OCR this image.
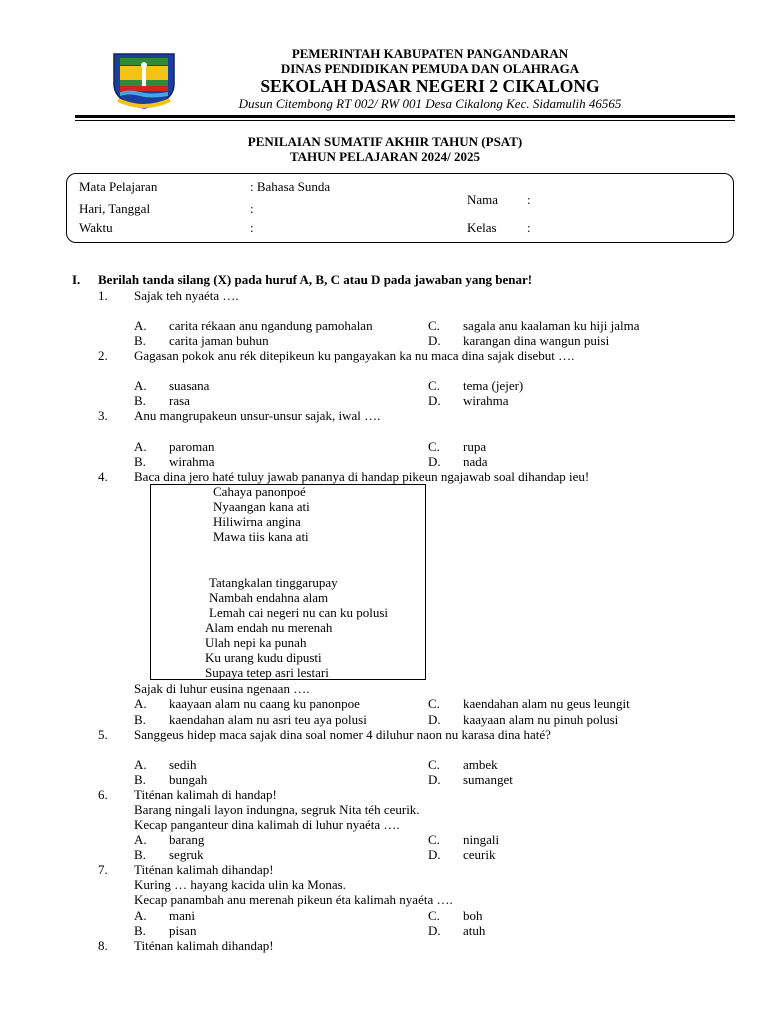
PEMERINTAH KABUPATEN PANGANDARAN
DINAS PENDIDIKAN PEMUDA DAN OLAHRAGA
SEKOLAH DASAR NEGERI 2 CIKALONG
Dusun Citembong RT 002/ RW 001 Desa Cikalong Kec. Sidamulih 46565
PENILAIAN SUMATIF AKHIR TAHUN (PSAT)
TAHUN PELAJARAN 2024/ 2025
Mata Pelajaran	: Bahasa Sunda
Hari, Tanggal	:
Waktu	:
Nama :
Kelas :
I. Berilah tanda silang (X) pada huruf A, B, C atau D pada jawaban yang benar!
1. Sajak teh nyaéta ….
A. carita rékaan anu ngandung pamohalan	C. sagala anu kaalaman ku hiji jalma
B. carita jaman buhun	D. karangan dina wangun puisi
2. Gagasan pokok anu rék ditepikeun ku pangayakan ka nu maca dina sajak disebut ….
A. suasana	C. tema (jejer)
B. rasa	D. wirahma
3. Anu mangrupakeun unsur-unsur sajak, iwal ….
A. paroman	C. rupa
B. wirahma	D. nada
4. Baca dina jero haté tuluy jawab pananya di handap pikeun ngajawab soal dihandap ieu!
Cahaya panonpoé
Nyaangan kana ati
Hiliwirna angina
Mawa tiis kana ati
Tatangkalan tinggarupay
Nambah endahna alam
Lemah cai negeri nu can ku polusi
Alam endah nu merenah
Ulah nepi ka punah
Ku urang kudu dipusti
Supaya tetep asri lestari
Sajak di luhur eusina ngenaan ….
A. kaayaan alam nu caang ku panonpoe	C. kaendahan alam nu geus leungit
B. kaendahan alam nu asri teu aya polusi	D. kaayaan alam nu pinuh polusi
5. Sanggeus hidep maca sajak dina soal nomer 4 diluhur naon nu karasa dina haté?
A. sedih	C. ambek
B. bungah	D. sumanget
6. Titénan kalimah di handap!
Barang ningali layon indungna, segruk Nita téh ceurik.
Kecap panganteur dina kalimah di luhur nyaéta ….
A. barang	C. ningali
B. segruk	D. ceurik
7. Titénan kalimah dihandap!
Kuring … hayang kacida ulin ka Monas.
Kecap panambah anu merenah pikeun éta kalimah nyaéta ….
A. mani	C. boh
B. pisan	D. atuh
8. Titénan kalimah dihandap!
